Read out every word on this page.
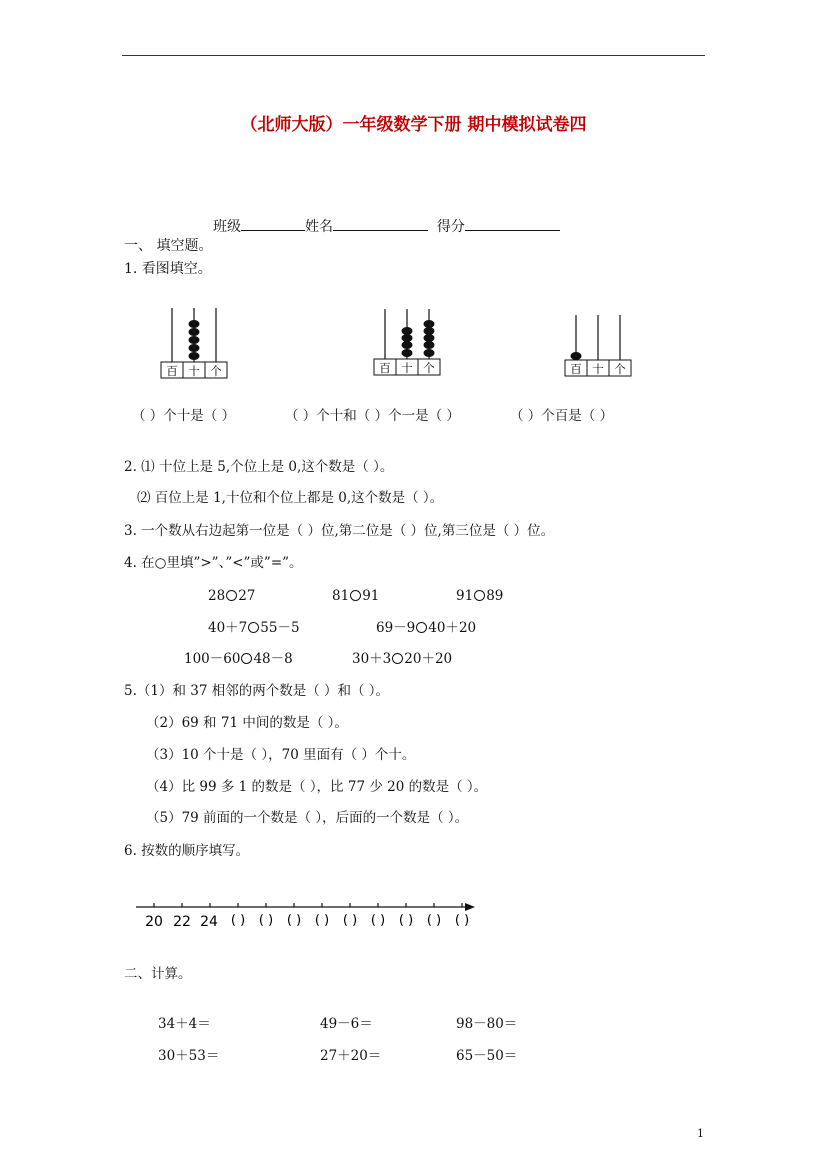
（北师大版）一年级数学下册 期中模拟试卷四
班级	姓名	得分
一、 填空题。
1. 看图填空。
百 十 个	百 十 个	百 十 个
（ ）个十是（ ）	（ ）个十和（ ）个一是（ ）	（ ）个百是（ ）
2. ⑴ 十位上是 5,个位上是 0,这个数是（ ）。
⑵ 百位上是 1,十位和个位上都是 0,这个数是（ ）。
3. 一个数从右边起第一位是（ ）位,第二位是（ ）位,第三位是（ ）位。
4. 在○里填”>”、”<”或”=”。
28 27	81 91	91 89
40＋7 55－5	69－9 40＋20
100－60 48－8	30＋3 20＋20
5.（1）和 37 相邻的两个数是（ ）和（ ）。
（2）69 和 71 中间的数是（ ）。
（3）10 个十是（ ），70 里面有（ ）个十。
（4）比 99 多 1 的数是（ ），比 77 少 20 的数是（ ）。
（5）79 前面的一个数是（ ），后面的一个数是（ ）。
6. 按数的顺序填写。
20 22 24 ( ) ( ) ( ) ( ) ( ) ( ) ( ) ( ) ( )
二、计算。
34＋4＝	49－6＝	98－80＝
30＋53＝	27＋20＝	65－50＝
1
